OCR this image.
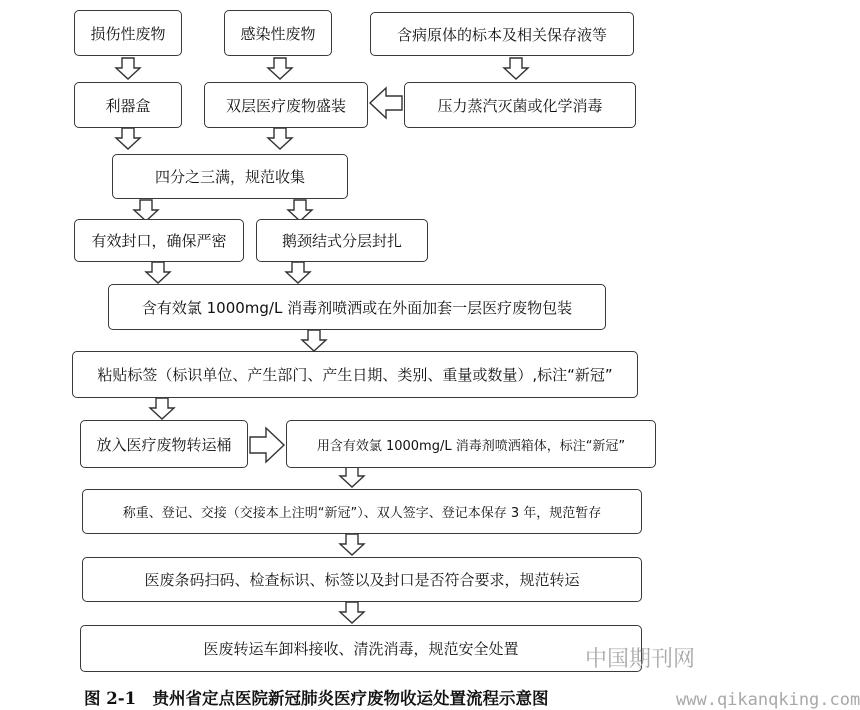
损伤性废物	感染性废物	含病原体的标本及相关保存液等
利器盒	双层医疗废物盛装	压力蒸汽灭菌或化学消毒
四分之三满，规范收集
有效封口，确保严密	鹅颈结式分层封扎
含有效氯 1000mg/L 消毒剂喷洒或在外面加套一层医疗废物包装
粘贴标签（标识单位、产生部门、产生日期、类别、重量或数量）,标注“新冠”
放入医疗废物转运桶	用含有效氯 1000mg/L 消毒剂喷洒箱体，标注“新冠”
称重、登记、交接（交接本上注明“新冠”）、双人签字、登记本保存 3 年，规范暂存
医废条码扫码、检查标识、标签以及封口是否符合要求，规范转运
医废转运车卸料接收、清洗消毒，规范安全处置	中国期刊网
www.qikanqking.com
图 2-1　贵州省定点医院新冠肺炎医疗废物收运处置流程示意图
